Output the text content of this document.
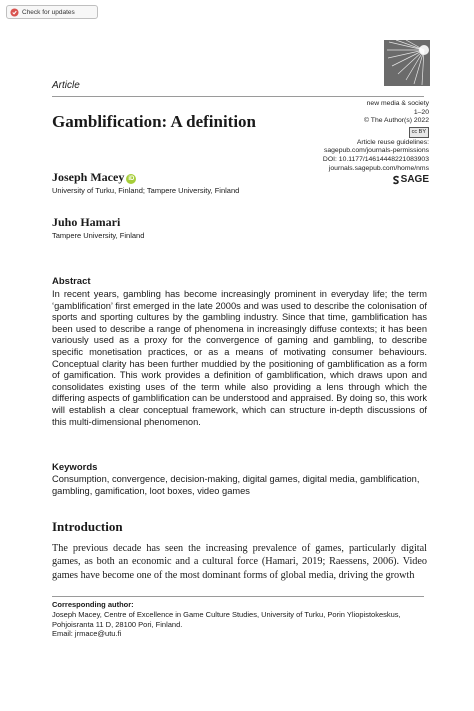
Check for updates
Article
new media & society
1–20
© The Author(s) 2022
cc BY
Article reuse guidelines:
sagepub.com/journals-permissions
DOI: 10.1177/14614448221083903
journals.sagepub.com/home/nms
SAGE
Gamblification: A definition
Joseph Macey iD

University of Turku, Finland; Tampere University, Finland

Juho Hamari

Tampere University, Finland

Abstract

In recent years, gambling has become increasingly prominent in everyday life; the term ‘gamblification’ first emerged in the late 2000s and was used to describe the colonisation of sports and sporting cultures by the gambling industry. Since that time, gamblification has been used to describe a range of phenomena in increasingly diffuse contexts; it has been variously used as a proxy for the convergence of gaming and gambling, to describe specific monetisation practices, or as a means of motivating consumer behaviours. Conceptual clarity has been further muddied by the positioning of gamblification as a form of gamification. This work provides a definition of gamblification, which draws upon and consolidates existing uses of the term while also providing a lens through which the differing aspects of gamblification can be understood and appraised. By doing so, this work will establish a clear conceptual framework, which can structure in-depth discussions of this multi-dimensional phenomenon.

Keywords

Consumption, convergence, decision-making, digital games, digital media, gamblification, gambling, gamification, loot boxes, video games

Introduction

The previous decade has seen the increasing prevalence of games, particularly digital games, as both an economic and a cultural force (Hamari, 2019; Raessens, 2006). Video games have become one of the most dominant forms of global media, driving the growth

Corresponding author:

Joseph Macey, Centre of Excellence in Game Culture Studies, University of Turku, Porin Yliopistokeskus,
Pohjoisranta 11 D, 28100 Pori, Finland.
Email: jrmace@utu.fi
